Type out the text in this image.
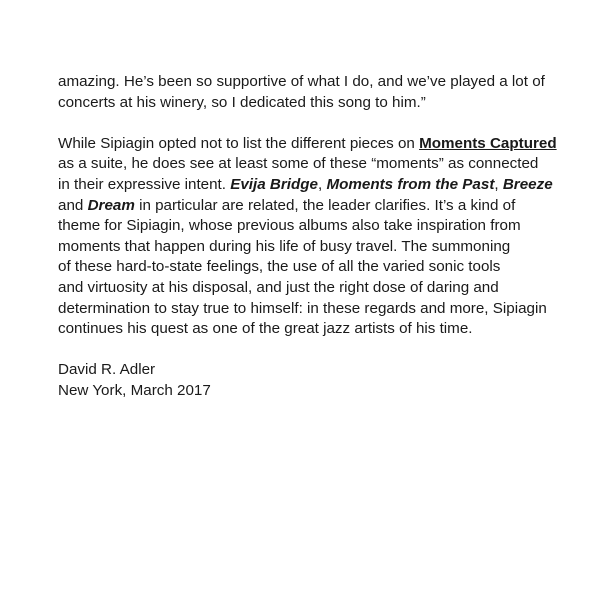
amazing. He’s been so supportive of what I do, and we’ve played a lot of
concerts at his winery, so I dedicated this song to him.”
While Sipiagin opted not to list the different pieces on Moments Captured
as a suite, he does see at least some of these “moments” as connected
in their expressive intent. Evija Bridge, Moments from the Past, Breeze
and Dream in particular are related, the leader clarifies. It’s a kind of
theme for Sipiagin, whose previous albums also take inspiration from
moments that happen during his life of busy travel. The summoning
of these hard-to-state feelings, the use of all the varied sonic tools
and virtuosity at his disposal, and just the right dose of daring and
determination to stay true to himself: in these regards and more, Sipiagin
continues his quest as one of the great jazz artists of his time.
David R. Adler
New York, March 2017
